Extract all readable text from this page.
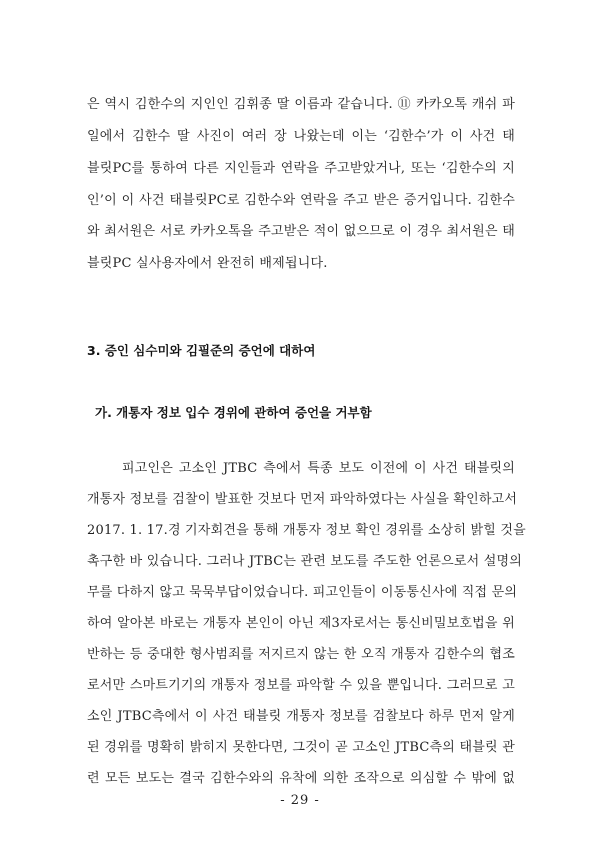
은 역시 김한수의 지인인 김휘종 딸 이름과 같습니다. ⑪ 카카오톡 캐쉬 파
일에서 김한수 딸 사진이 여러 장 나왔는데 이는 ‘김한수’가 이 사건 태
블릿PC를 통하여 다른 지인들과 연락을 주고받았거나, 또는 ‘김한수의 지
인’이 이 사건 태블릿PC로 김한수와 연락을 주고 받은 증거입니다. 김한수
와 최서원은 서로 카카오톡을 주고받은 적이 없으므로 이 경우 최서원은 태
블릿PC 실사용자에서 완전히 배제됩니다.
3. 증인 심수미와 김필준의 증언에 대하여
가. 개통자 정보 입수 경위에 관하여 증언을 거부함
피고인은 고소인 JTBC 측에서 특종 보도 이전에 이 사건 태블릿의
개통자 정보를 검찰이 발표한 것보다 먼저 파악하였다는 사실을 확인하고서
2017. 1. 17.경 기자회견을 통해 개통자 정보 확인 경위를 소상히 밝힐 것을
촉구한 바 있습니다. 그러나 JTBC는 관련 보도를 주도한 언론으로서 설명의
무를 다하지 않고 묵묵부답이었습니다. 피고인들이 이동통신사에 직접 문의
하여 알아본 바로는 개통자 본인이 아닌 제3자로서는 통신비밀보호법을 위
반하는 등 중대한 형사범죄를 저지르지 않는 한 오직 개통자 김한수의 협조
로서만 스마트기기의 개통자 정보를 파악할 수 있을 뿐입니다. 그러므로 고
소인 JTBC측에서 이 사건 태블릿 개통자 정보를 검찰보다 하루 먼저 알게
된 경위를 명확히 밝히지 못한다면, 그것이 곧 고소인 JTBC측의 태블릿 관
련 모든 보도는 결국 김한수와의 유착에 의한 조작으로 의심할 수 밖에 없
- 29 -
